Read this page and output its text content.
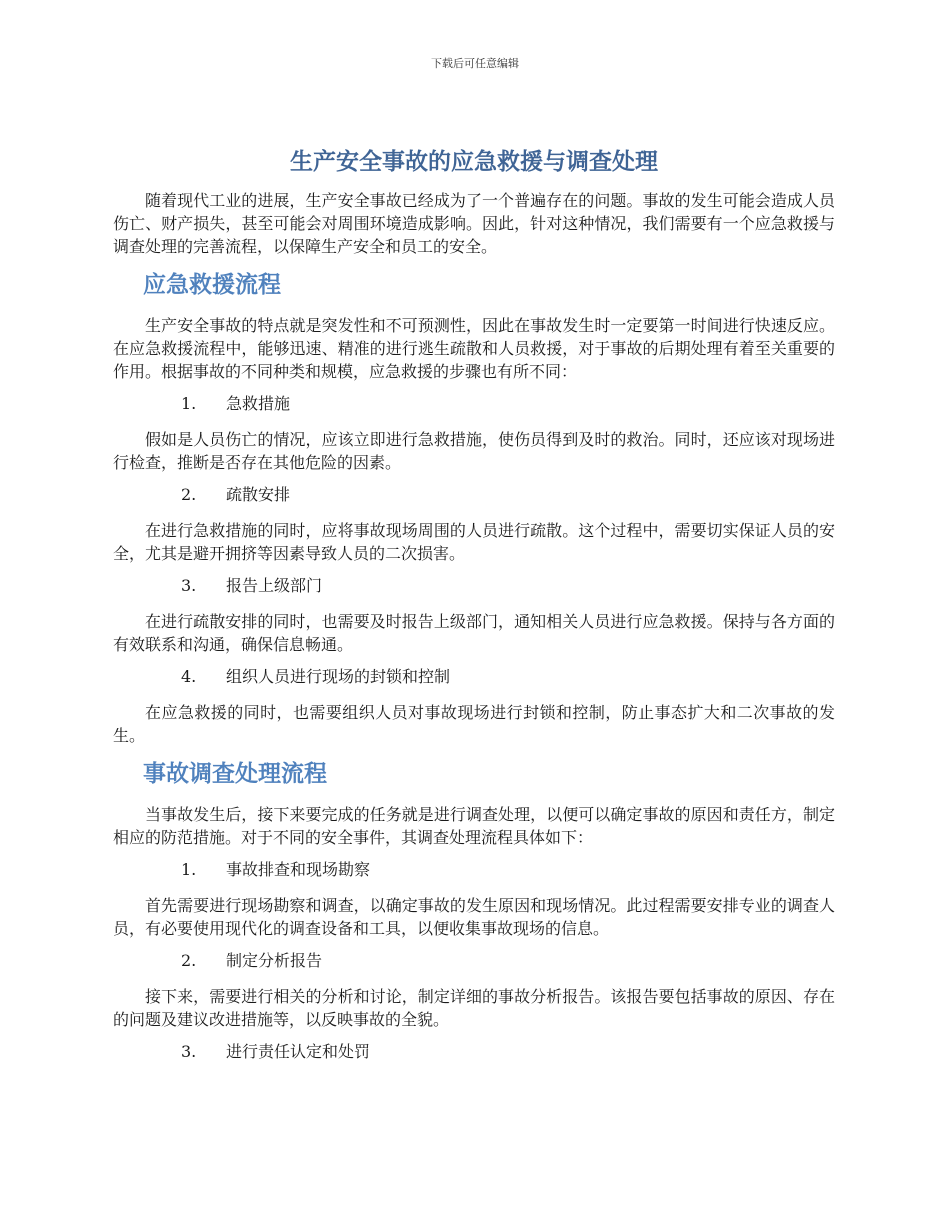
下载后可任意编辑
生产安全事故的应急救援与调查处理

随着现代工业的进展，生产安全事故已经成为了一个普遍存在的问题。事故的发生可能会造成人员伤亡、财产损失，甚至可能会对周围环境造成影响。因此，针对这种情况，我们需要有一个应急救援与调查处理的完善流程，以保障生产安全和员工的安全。

应急救援流程

生产安全事故的特点就是突发性和不可预测性，因此在事故发生时一定要第一时间进行快速反应。在应急救援流程中，能够迅速、精准的进行逃生疏散和人员救援，对于事故的后期处理有着至关重要的作用。根据事故的不同种类和规模，应急救援的步骤也有所不同：

1.	急救措施

假如是人员伤亡的情况，应该立即进行急救措施，使伤员得到及时的救治。同时，还应该对现场进行检查，推断是否存在其他危险的因素。

2.	疏散安排

在进行急救措施的同时，应将事故现场周围的人员进行疏散。这个过程中，需要切实保证人员的安全，尤其是避开拥挤等因素导致人员的二次损害。

3.	报告上级部门

在进行疏散安排的同时，也需要及时报告上级部门，通知相关人员进行应急救援。保持与各方面的有效联系和沟通，确保信息畅通。

4.	组织人员进行现场的封锁和控制

在应急救援的同时，也需要组织人员对事故现场进行封锁和控制，防止事态扩大和二次事故的发生。

事故调查处理流程

当事故发生后，接下来要完成的任务就是进行调查处理，以便可以确定事故的原因和责任方，制定相应的防范措施。对于不同的安全事件，其调查处理流程具体如下：

1.	事故排查和现场勘察

首先需要进行现场勘察和调查，以确定事故的发生原因和现场情况。此过程需要安排专业的调查人员，有必要使用现代化的调查设备和工具，以便收集事故现场的信息。

2.	制定分析报告

接下来，需要进行相关的分析和讨论，制定详细的事故分析报告。该报告要包括事故的原因、存在的问题及建议改进措施等，以反映事故的全貌。

3.	进行责任认定和处罚
